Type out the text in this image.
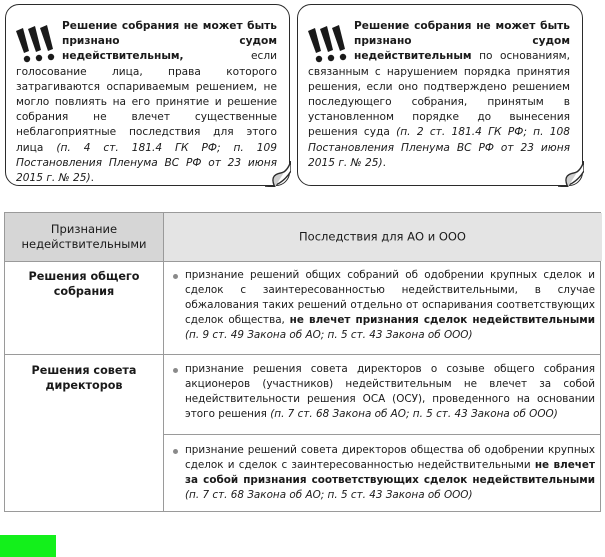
Решение собрания не может быть признано судом недействительным, если голосование лица, права которого затрагиваются оспариваемым решением, не могло повлиять на его принятие и решение собрания не влечет существенные неблагоприятные последствия для этого лица (п. 4 ст. 181.4 ГК РФ; п. 109 Постановления Пленума ВС РФ от 23 июня 2015 г. № 25).
Решение собрания не может быть признано судом недействительным по основаниям, связанным с нарушением порядка принятия решения, если оно подтверждено решением последующего собрания, принятым в установленном порядке до вынесения решения суда (п. 2 ст. 181.4 ГК РФ; п. 108 Постановления Пленума ВС РФ от 23 июня 2015 г. № 25).
Признание недействительными
Последствия для АО и ООО
Решения общего собрания
признание решений общих собраний об одобрении крупных сделок и сделок с заинтересованностью недействительными, в случае обжалования таких решений отдельно от оспаривания соответствующих сделок общества, не влечет признания сделок недействительными (п. 9 ст. 49 Закона об АО; п. 5 ст. 43 Закона об ООО)
Решения совета директоров
признание решения совета директоров о созыве общего собрания акционеров (участников) недействительным не влечет за собой недействительности решения ОСА (ОСУ), проведенного на основании этого решения (п. 7 ст. 68 Закона об АО; п. 5 ст. 43 Закона об ООО)
признание решений совета директоров общества об одобрении крупных сделок и сделок с заинтересованностью недействительными не влечет за собой признания соответствующих сделок недействительными (п. 7 ст. 68 Закона об АО; п. 5 ст. 43 Закона об ООО)
